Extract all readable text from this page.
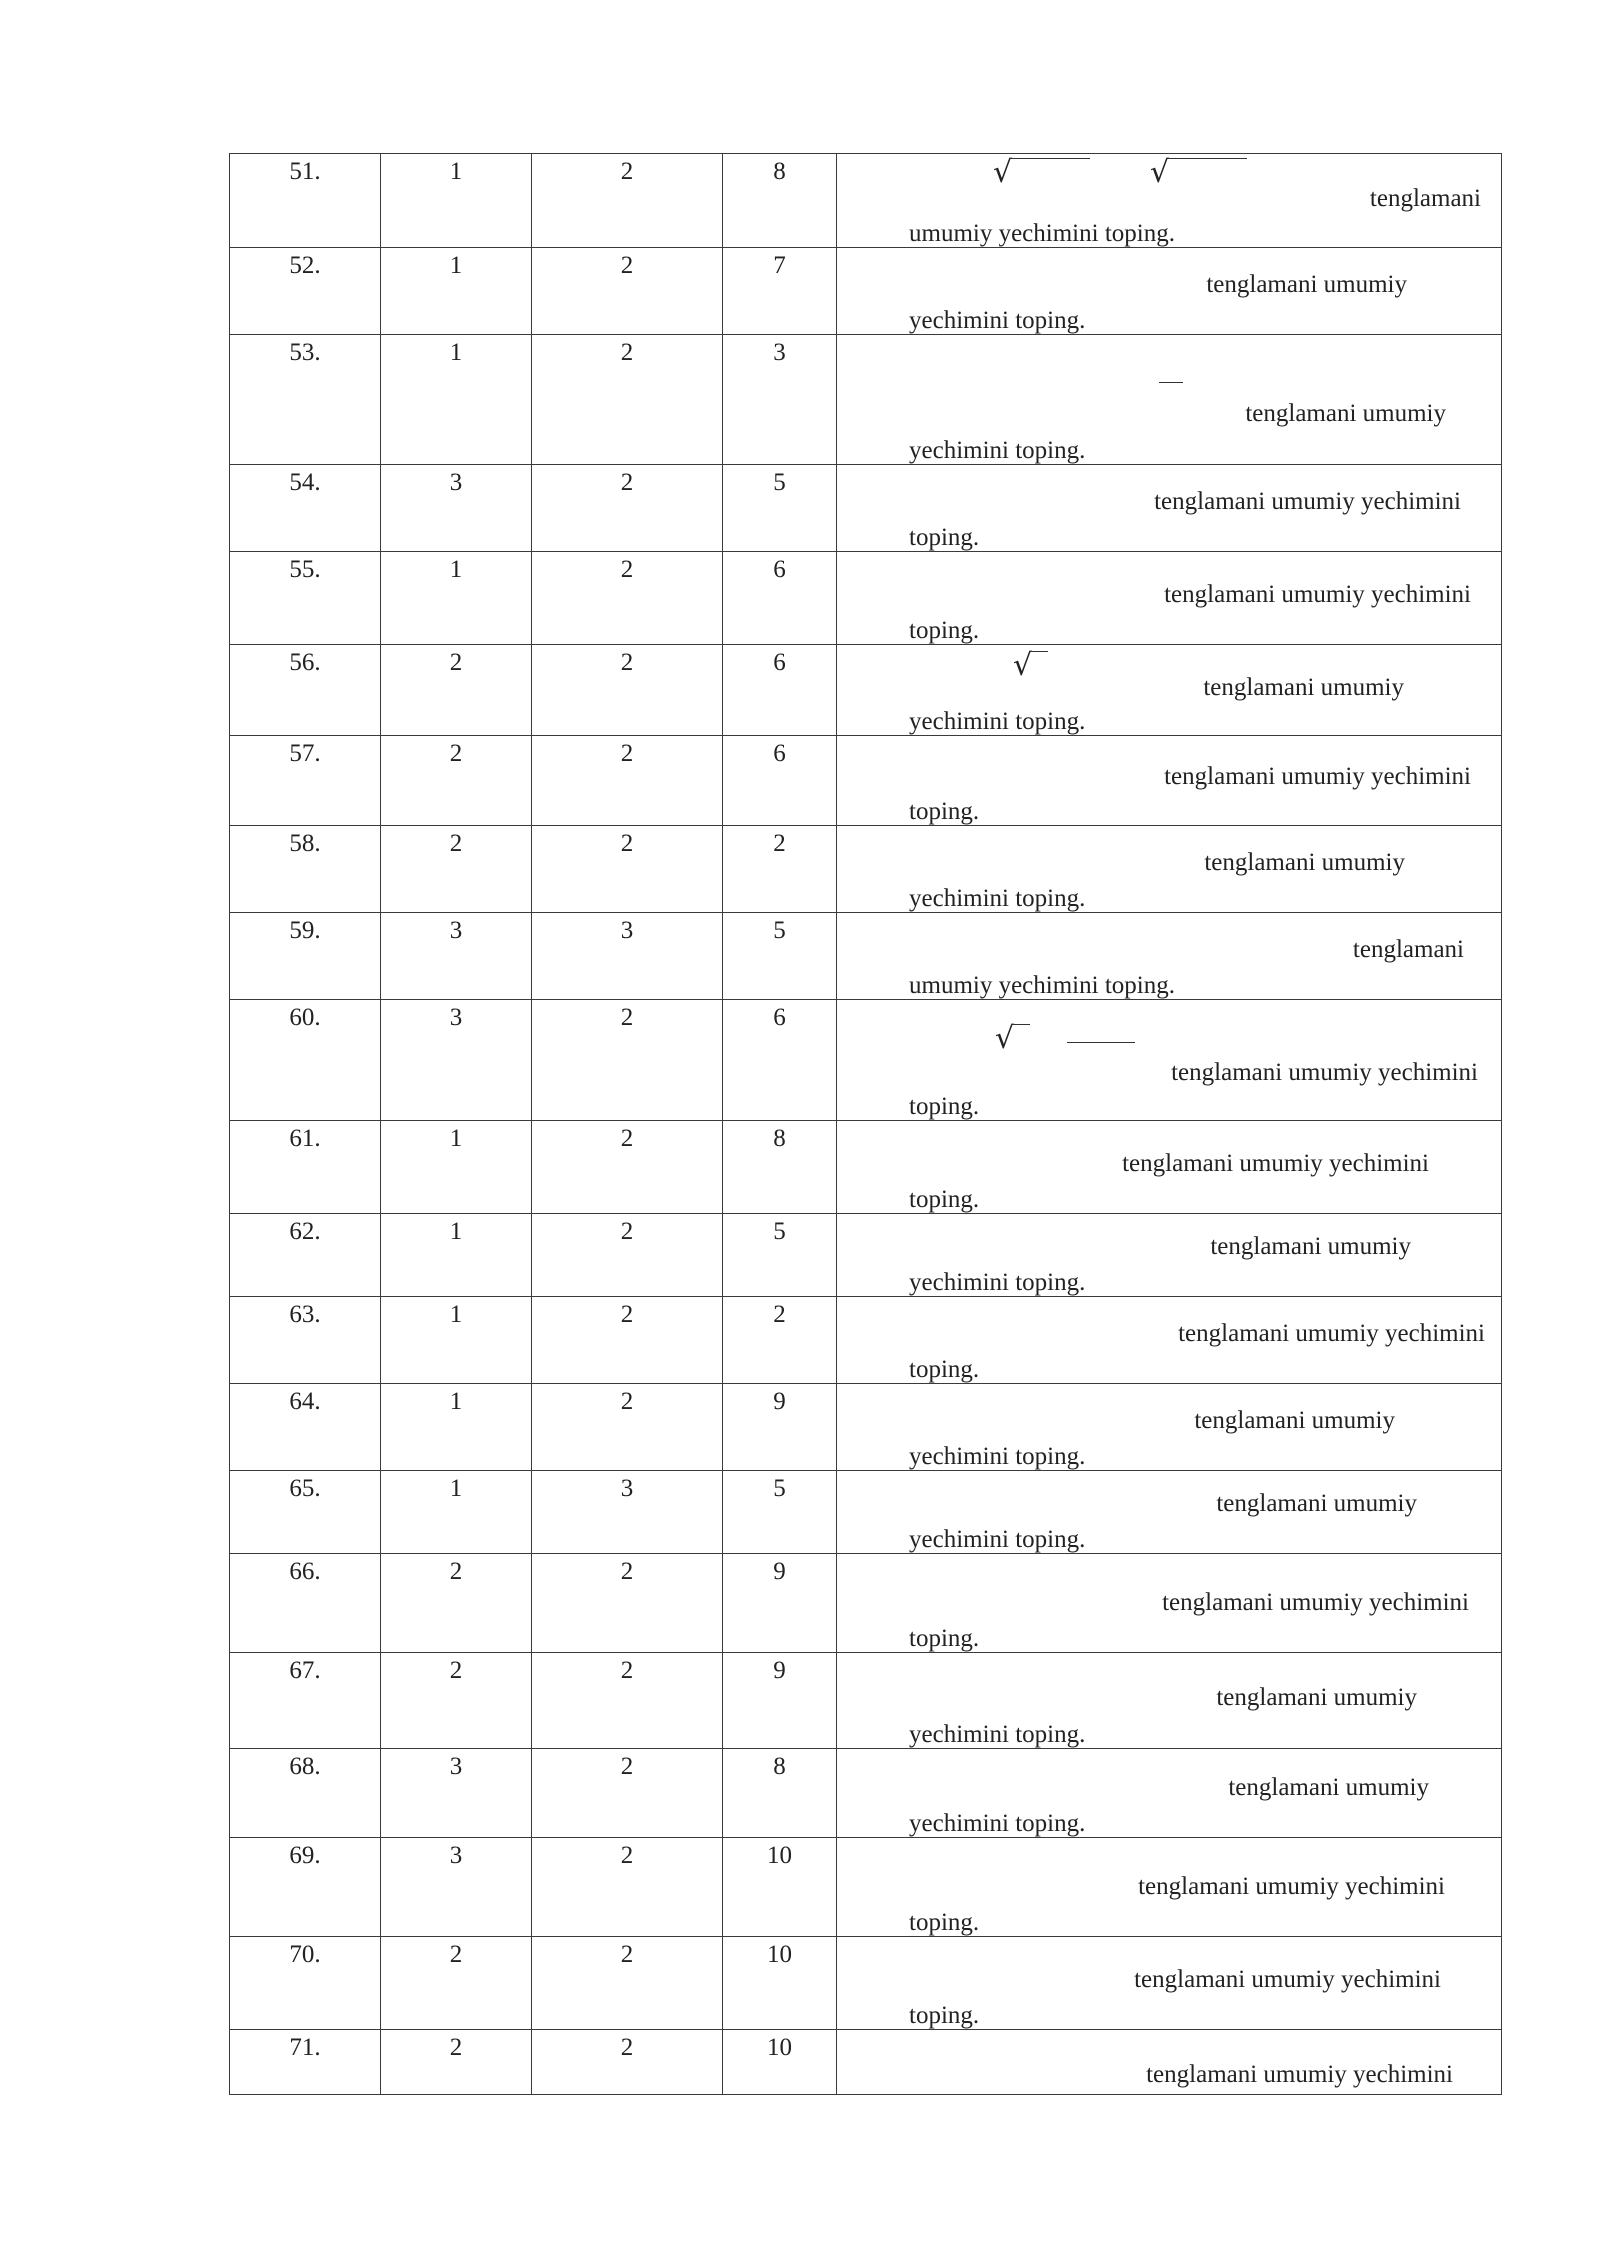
51.	1	2	8	√ √
tenglamani
umumiy yechimini toping.

52.	1	2	7	tenglamani umumiy
yechimini toping.

53.	1	2	3	tenglamani umumiy
yechimini toping.

54.	3	2	5	tenglamani umumiy yechimini
toping.

55.	1	2	6	tenglamani umumiy yechimini
toping.

56.	2	2	6	√
tenglamani umumiy
yechimini toping.

57.	2	2	6	tenglamani umumiy yechimini
toping.

58.	2	2	2	tenglamani umumiy
yechimini toping.

59.	3	3	5	tenglamani
umumiy yechimini toping.

60.	3	2	6	√
tenglamani umumiy yechimini
toping.

61.	1	2	8	tenglamani umumiy yechimini
toping.

62.	1	2	5	tenglamani umumiy
yechimini toping.

63.	1	2	2	tenglamani umumiy yechimini
toping.

64.	1	2	9	tenglamani umumiy
yechimini toping.

65.	1	3	5	tenglamani umumiy
yechimini toping.

66.	2	2	9	tenglamani umumiy yechimini
toping.

67.	2	2	9	tenglamani umumiy
yechimini toping.

68.	3	2	8	tenglamani umumiy
yechimini toping.

69.	3	2	10	tenglamani umumiy yechimini
toping.

70.	2	2	10	tenglamani umumiy yechimini
toping.

71.	2	2	10	tenglamani umumiy yechimini
